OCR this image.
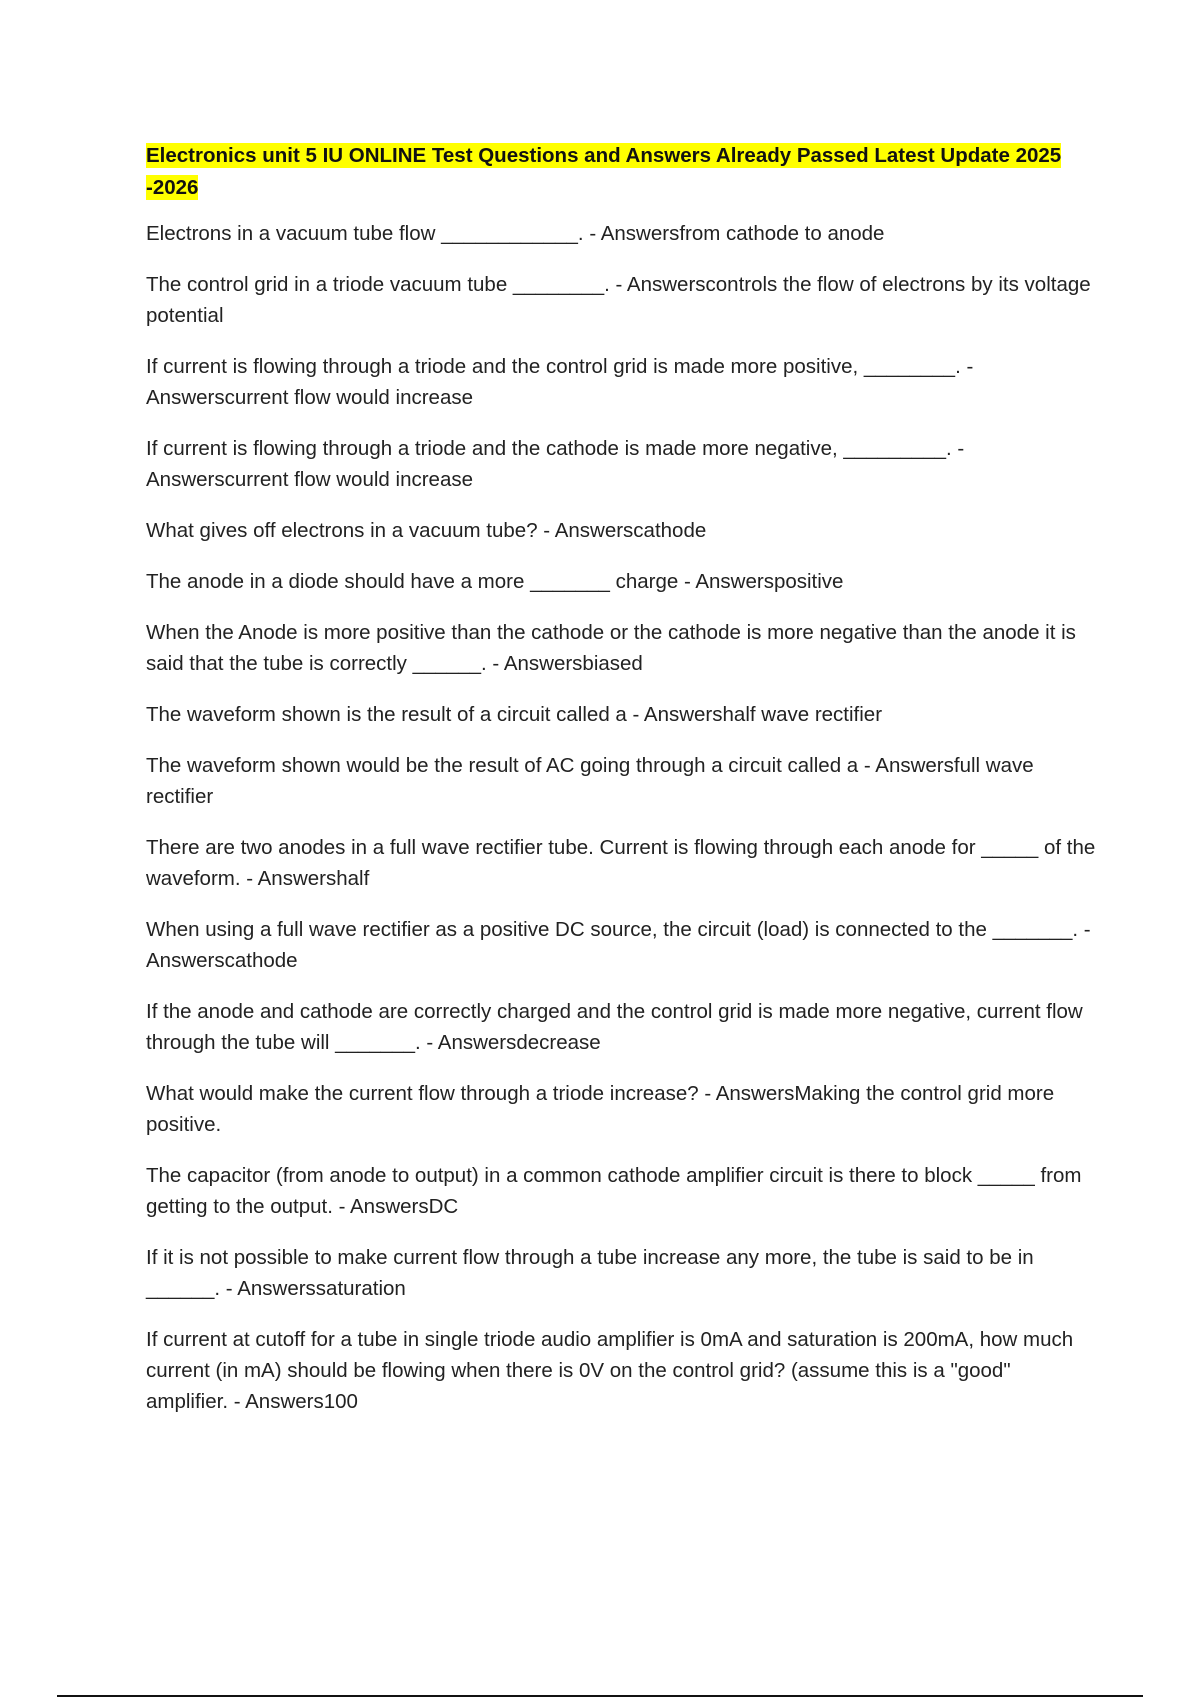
Electronics unit 5 IU ONLINE Test Questions and Answers Already Passed Latest Update 2025 -2026

Electrons in a vacuum tube flow ____________. - Answersfrom cathode to anode

The control grid in a triode vacuum tube ________. - Answerscontrols the flow of electrons by its voltage potential

If current is flowing through a triode and the control grid is made more positive, ________. - Answerscurrent flow would increase

If current is flowing through a triode and the cathode is made more negative, _________. - Answerscurrent flow would increase

What gives off electrons in a vacuum tube? - Answerscathode

The anode in a diode should have a more _______ charge - Answerspositive

When the Anode is more positive than the cathode or the cathode is more negative than the anode it is said that the tube is correctly ______. - Answersbiased

The waveform shown is the result of a circuit called a - Answershalf wave rectifier

The waveform shown would be the result of AC going through a circuit called a - Answersfull wave rectifier

There are two anodes in a full wave rectifier tube. Current is flowing through each anode for _____ of the waveform. - Answershalf

When using a full wave rectifier as a positive DC source, the circuit (load) is connected to the _______. - Answerscathode

If the anode and cathode are correctly charged and the control grid is made more negative, current flow through the tube will _______. - Answersdecrease

What would make the current flow through a triode increase? - AnswersMaking the control grid more positive.

The capacitor (from anode to output) in a common cathode amplifier circuit is there to block _____ from getting to the output. - AnswersDC

If it is not possible to make current flow through a tube increase any more, the tube is said to be in ______. - Answerssaturation

If current at cutoff for a tube in single triode audio amplifier is 0mA and saturation is 200mA, how much current (in mA) should be flowing when there is 0V on the control grid? (assume this is a "good" amplifier. - Answers100
